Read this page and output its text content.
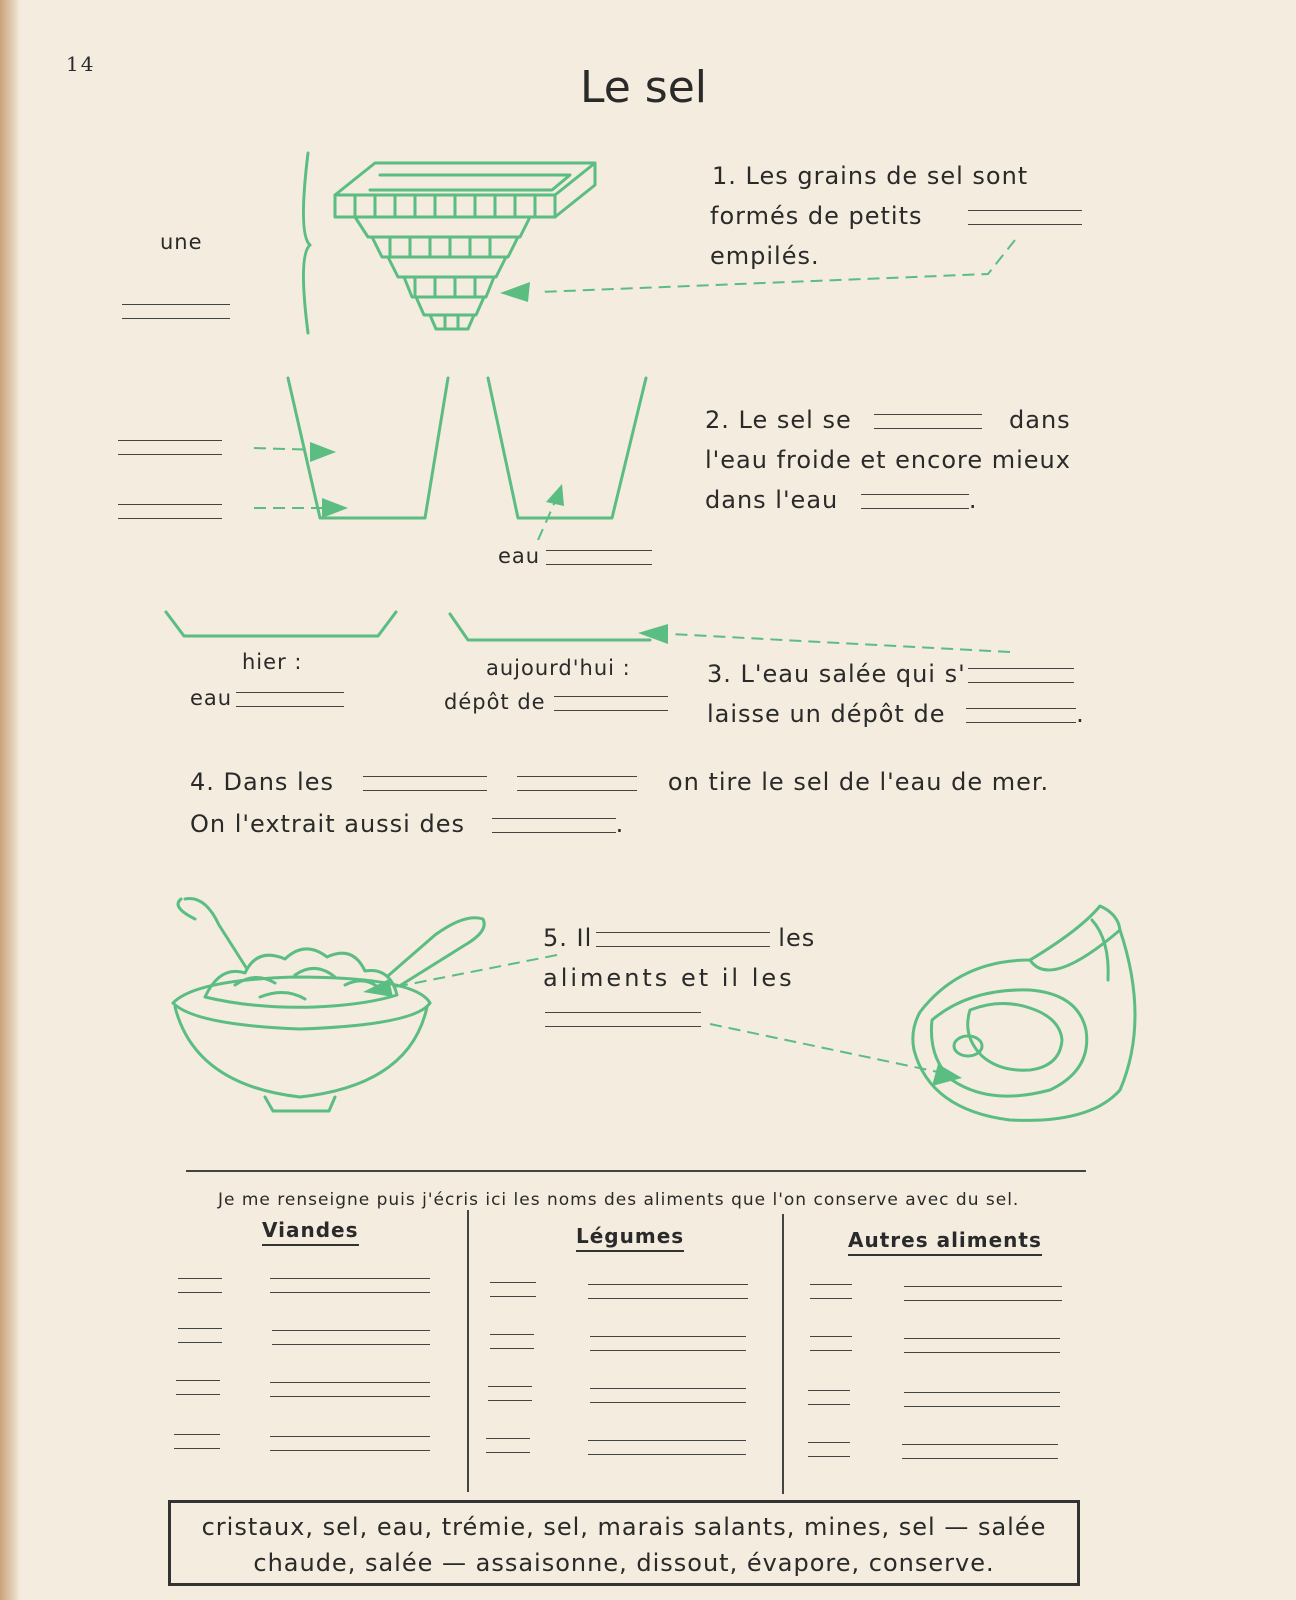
14	Le sel
une
1. Les grains de sel sont
formés de petits
empilés.
eau
2. Le sel se	dans
l'eau froide et encore mieux
dans l'eau	.
hier :
eau
aujourd'hui :
dépôt de
3. L'eau salée qui s'
laisse un dépôt de	.
4. Dans les	on tire le sel de l'eau de mer.
On l'extrait aussi des	.
5. Il	les
aliments et il les
Je me renseigne puis j'écris ici les noms des aliments que l'on conserve avec du sel.
Viandes	Légumes	Autres aliments
cristaux, sel, eau, trémie, sel, marais salants, mines, sel — salée
chaude, salée — assaisonne, dissout, évapore, conserve.
